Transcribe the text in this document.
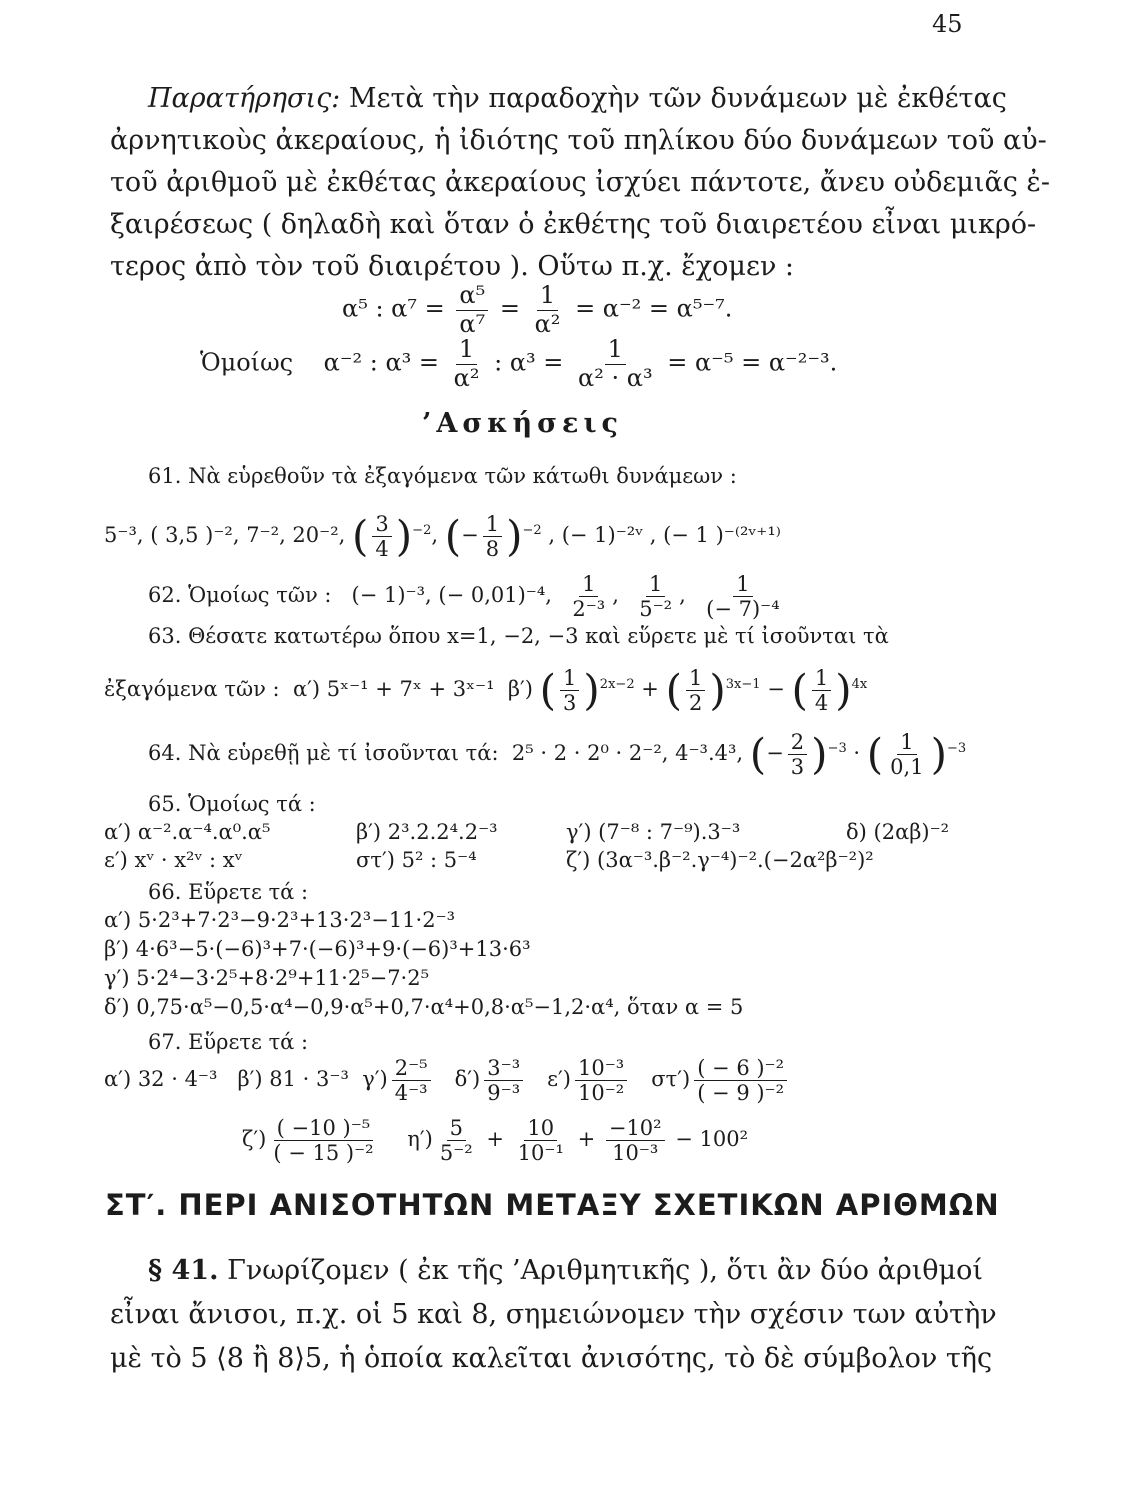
45
Παρατήρησις: Μετὰ τὴν παραδοχὴν τῶν δυνάμεων μὲ ἐκθέτας
ἀρνητικοὺς ἀκεραίους, ἡ ἰδιότης τοῦ πηλίκου δύο δυνάμεων τοῦ αὐ-
τοῦ ἀριθμοῦ μὲ ἐκθέτας ἀκεραίους ἰσχύει πάντοτε, ἄνευ οὐδεμιᾶς ἐ-
ξαιρέσεως ( δηλαδὴ καὶ ὅταν ὁ ἐκθέτης τοῦ διαιρετέου εἶναι μικρό-
τερος ἀπὸ τὸν τοῦ διαιρέτου ). Οὕτω π.χ. ἔχομεν :
α⁵ : $\alpha^7 = \frac{\text{α⁵}}{\text{α⁷}} = \frac{1}{\text{α²}} = \alpha^{-2} = \alpha^{5-7}$.
Ὁμοίως α⁻² : $\alpha^3 = \frac{1}{\text{α²}}$ : $\alpha^3 = \frac{1}{\text{α² · α³}} = \alpha^{-5} = \alpha^{-2-3}$.
’Ασκήσεις
61. Νὰ εὑρεθοῦν τὰ ἐξαγόμενα τῶν κάτωθι δυνάμεων :
5⁻³, ( 3,5 )⁻², 7⁻², 20⁻², ( $\frac{3}{4} )^{-2}$, (− $\frac{1}{8} )^{-2}$ , (− 1)⁻²ᵛ , (− 1 )⁻⁽²ᵛ⁺¹⁾
62. Ὁμοίως τῶν : (− 1)⁻³, (− 0,01)⁻⁴, $\frac{1}{\text{2⁻³}}$ , $\frac{1}{\text{5⁻²}}$ , $\frac{1}{\text{(− 7)⁻⁴}}$
63. Θέσατε κατωτέρω ὅπου x=1, −2, −3 καὶ εὕρετε μὲ τί ἰσοῦνται τὰ
ἐξαγόμενα τῶν : α′) 5ˣ⁻¹ + 7ˣ + 3ˣ⁻¹ β′) ( $\frac{1}{3} )^{2x-2}$ + ( $\frac{1}{2} )^{3x-1}$ − ( $\frac{1}{4} )^{4x}$
64. Νὰ εὑρεθῇ μὲ τί ἰσοῦνται τά: 2⁵ · 2 · 2⁰ · 2⁻², 4⁻³.4³, (− $\frac{2}{3} )^{-3}$ · ( $\frac{1}{0,1} )^{-3}$
65. Ὁμοίως τά :
α′) α⁻².α⁻⁴.α⁰.α⁵	β′) 2³.2.2⁴.2⁻³	γ′) (7⁻⁸ : 7⁻⁹).3⁻³	δ) (2αβ)⁻²
ε′) xᵛ · x²ᵛ : xᵛ	στ′) 5² : 5⁻⁴	ζ′) (3α⁻³.β⁻².γ⁻⁴)⁻².(−2α²β⁻²)²
66. Εὕρετε τά :
α′) 5·2³+7·2³−9·2³+13·2³−11·2⁻³
β′) 4·6³−5·(−6)³+7·(−6)³+9·(−6)³+13·6³
γ′) 5·2⁴−3·2⁵+8·2⁹+11·2⁵−7·2⁵
δ′) 0,75·α⁵−0,5·α⁴−0,9·α⁵+0,7·α⁴+0,8·α⁵−1,2·α⁴, ὅταν α = 5
67. Εὕρετε τά :
α′) 32 · 4⁻³ β′) 81 · 3⁻³ $\gamma') \frac{\text{2⁻⁵}}{\text{4⁻³}} \delta') \frac{\text{3⁻³}}{\text{9⁻³}} \varepsilon') \frac{\text{10⁻³}}{\text{10⁻²}} \sigma\tau') \frac{\text{( − 6 )⁻²}}{\text{( − 9 )⁻²}}$
$\zeta') \frac{\text{( −10 )⁻⁵}}{\text{( − 15 )⁻²}} \eta') \frac{5}{\text{5⁻²}} + \frac{10}{\text{10⁻¹}} + \frac{\text{−10²}}{\text{10⁻³}} - 100^2$
ΣΤ′. ΠΕΡΙ ΑΝΙΣΟΤΗΤΩΝ ΜΕΤΑΞΥ ΣΧΕΤΙΚΩΝ ΑΡΙΘΜΩΝ
§ 41. Γνωρίζομεν ( ἐκ τῆς ’Αριθμητικῆς ), ὅτι ἂν δύο ἀριθμοί
εἶναι ἄνισοι, π.χ. οἱ 5 καὶ 8, σημειώνομεν τὴν σχέσιν των αὐτὴν
μὲ τὸ 5 ⟨8 ἢ 8⟩5, ἡ ὁποία καλεῖται ἀνισότης, τὸ δὲ σύμβολον τῆς
